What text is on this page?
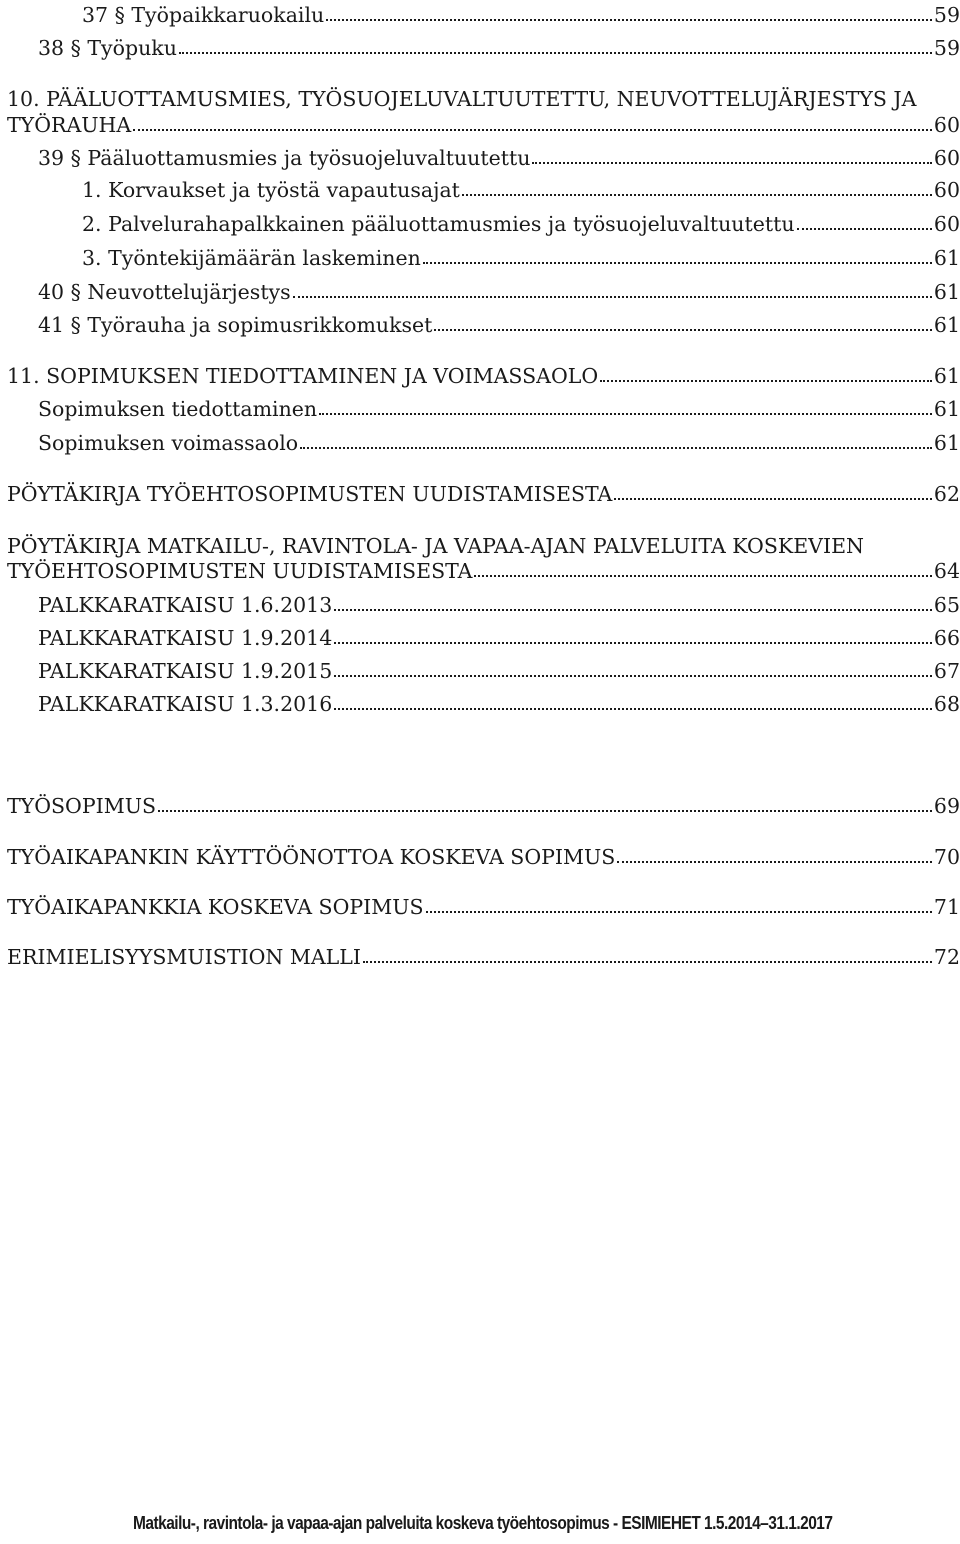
37 § Työpaikkaruokailu	59
38 § Työpuku	59
10. PÄÄLUOTTAMUSMIES, TYÖSUOJELUVALTUUTETTU, NEUVOTTELUJÄRJESTYS JA
TYÖRAUHA	60
39 § Pääluottamusmies ja työsuojeluvaltuutettu	60
1. Korvaukset ja työstä vapautusajat	60
2. Palvelurahapalkkainen pääluottamusmies ja työsuojeluvaltuutettu	60
3. Työntekijämäärän laskeminen	61
40 § Neuvottelujärjestys	61
41 § Työrauha ja sopimusrikkomukset	61
11. SOPIMUKSEN TIEDOTTAMINEN JA VOIMASSAOLO	61
Sopimuksen tiedottaminen	61
Sopimuksen voimassaolo	61
PÖYTÄKIRJA TYÖEHTOSOPIMUSTEN UUDISTAMISESTA	62
PÖYTÄKIRJA MATKAILU-, RAVINTOLA- JA VAPAA-AJAN PALVELUITA KOSKEVIEN
TYÖEHTOSOPIMUSTEN UUDISTAMISESTA	64
PALKKARATKAISU 1.6.2013	65
PALKKARATKAISU 1.9.2014	66
PALKKARATKAISU 1.9.2015	67
PALKKARATKAISU 1.3.2016	68
TYÖSOPIMUS	69
TYÖAIKAPANKIN KÄYTTÖÖNOTTOA KOSKEVA SOPIMUS	70
TYÖAIKAPANKKIA KOSKEVA SOPIMUS	71
ERIMIELISYYSMUISTION MALLI	72
Matkailu-, ravintola- ja vapaa-ajan palveluita koskeva työehtosopimus - ESIMIEHET 1.5.2014–31.1.2017
